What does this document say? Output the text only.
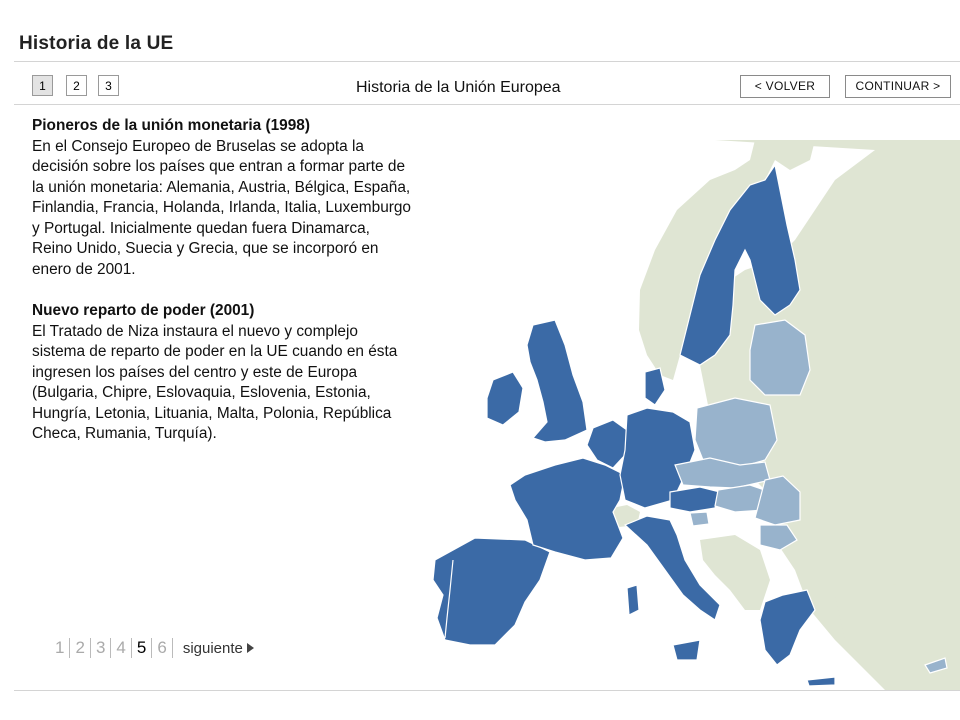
Historia de la UE
1	2	3	Historia de la Unión Europea	< VOLVER	CONTINUAR >

Pioneros de la unión monetaria (1998)

En el Consejo Europeo de Bruselas se adopta la decisión sobre los países que entran a formar parte de la unión monetaria: Alemania, Austria, Bélgica, España, Finlandia, Francia, Holanda, Irlanda, Italia, Luxemburgo y Portugal. Inicialmente quedan fuera Dinamarca, Reino Unido, Suecia y Grecia, que se incorporó en enero de 2001.

Nuevo reparto de poder (2001)

El Tratado de Niza instaura el nuevo y complejo sistema de reparto de poder en la UE cuando en ésta ingresen los países del centro y este de Europa (Bulgaria, Chipre, Eslovaquia, Eslovenia, Estonia, Hungría, Letonia, Lituania, Malta, Polonia, República Checa, Rumania, Turquía).

1 2 3 4 5 6	siguiente
